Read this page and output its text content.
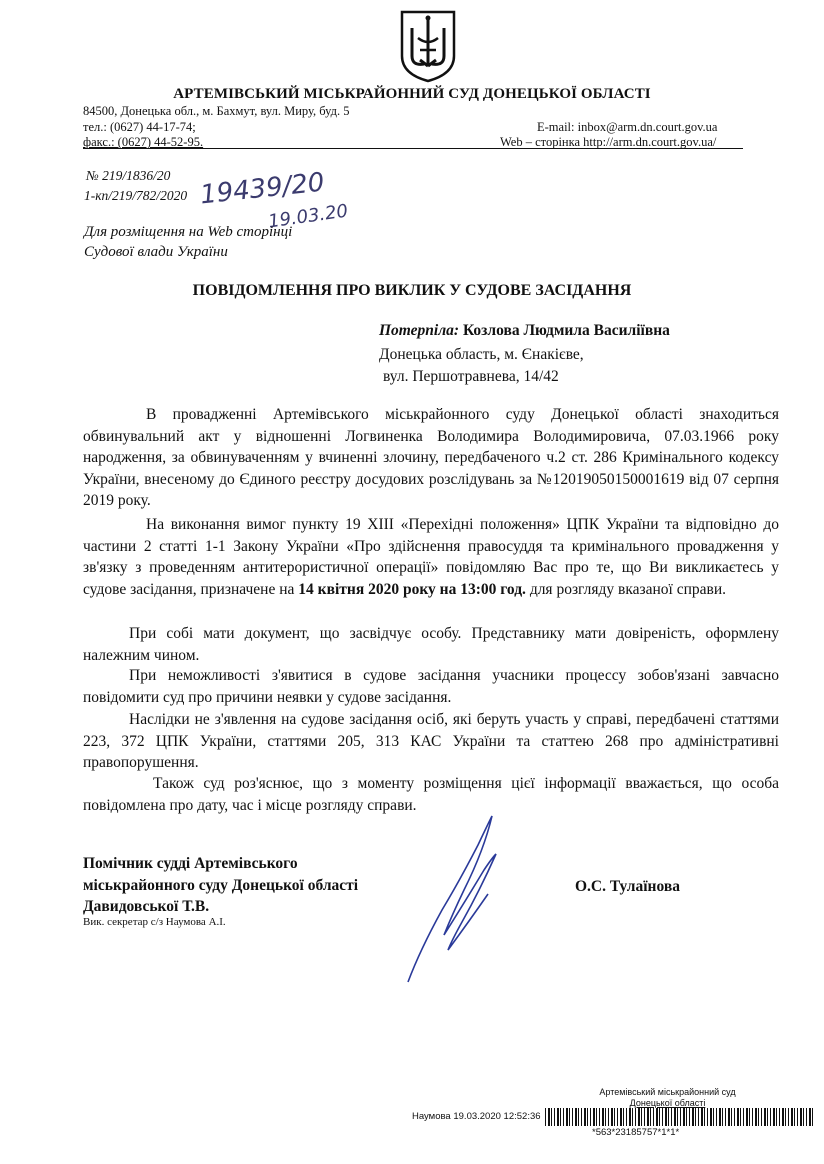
АРТЕМІВСЬКИЙ МІСЬКРАЙОННИЙ СУД ДОНЕЦЬКОЇ ОБЛАСТІ
84500, Донецька обл., м. Бахмут, вул. Миру, буд. 5
тел.: (0627) 44-17-74;
факс.: (0627) 44-52-95.
E-mail: inbox@arm.dn.court.gov.ua
Web – сторінка http://arm.dn.court.gov.ua/
№ 219/1836/20
1-кп/219/782/2020 19439/20
19.03.20
Для розміщення на Web сторінці
Судової влади України
ПОВІДОМЛЕННЯ ПРО ВИКЛИК У СУДОВЕ ЗАСІДАННЯ
Потерпіла: Козлова Людмила Василіївна
Донецька область, м. Єнакієве,
вул. Першотравнева, 14/42

В провадженні Артемівського міськрайонного суду Донецької області знаходиться обвинувальний акт у відношенні Логвиненка Володимира Володимировича, 07.03.1966 року народження, за обвинуваченням у вчиненні злочину, передбаченого ч.2 ст. 286 Кримінального кодексу України, внесеному до Єдиного реєстру досудових розслідувань за №12019050150001619 від 07 серпня 2019 року.

На виконання вимог пункту 19 ХІІІ «Перехідні положення» ЦПК України та відповідно до частини 2 статті 1-1 Закону України «Про здійснення правосуддя та кримінального провадження у зв'язку з проведенням антитерористичної операції» повідомляю Вас про те, що Ви викликаєтесь у судове засідання, призначене на 14 квітня 2020 року на 13:00 год. для розгляду вказаної справи.

При собі мати документ, що засвідчує особу. Представнику мати довіреність, оформлену належним чином.

При неможливості з'явитися в судове засідання учасники процессу зобов'язані завчасно повідомити суд про причини неявки у судове засідання.

Наслідки не з'явлення на судове засідання осіб, які беруть участь у справі, передбачені статтями 223, 372 ЦПК України, статтями 205, 313 КАС України та статтею 268 про адміністративні правопорушення.

Також суд роз'яснює, що з моменту розміщення цієї інформації вважається, що особа повідомлена про дату, час і місце розгляду справи.

Помічник судді Артемівського
міськрайонного суду Донецької області
Давидовської Т.В.
Вик. секретар с/з Наумова А.І.
О.С. Тулаїнова
Артемівський міськрайонний суд
Донецької області
Наумова 19.03.2020 12:52:36
*563*23185757*1*1*
